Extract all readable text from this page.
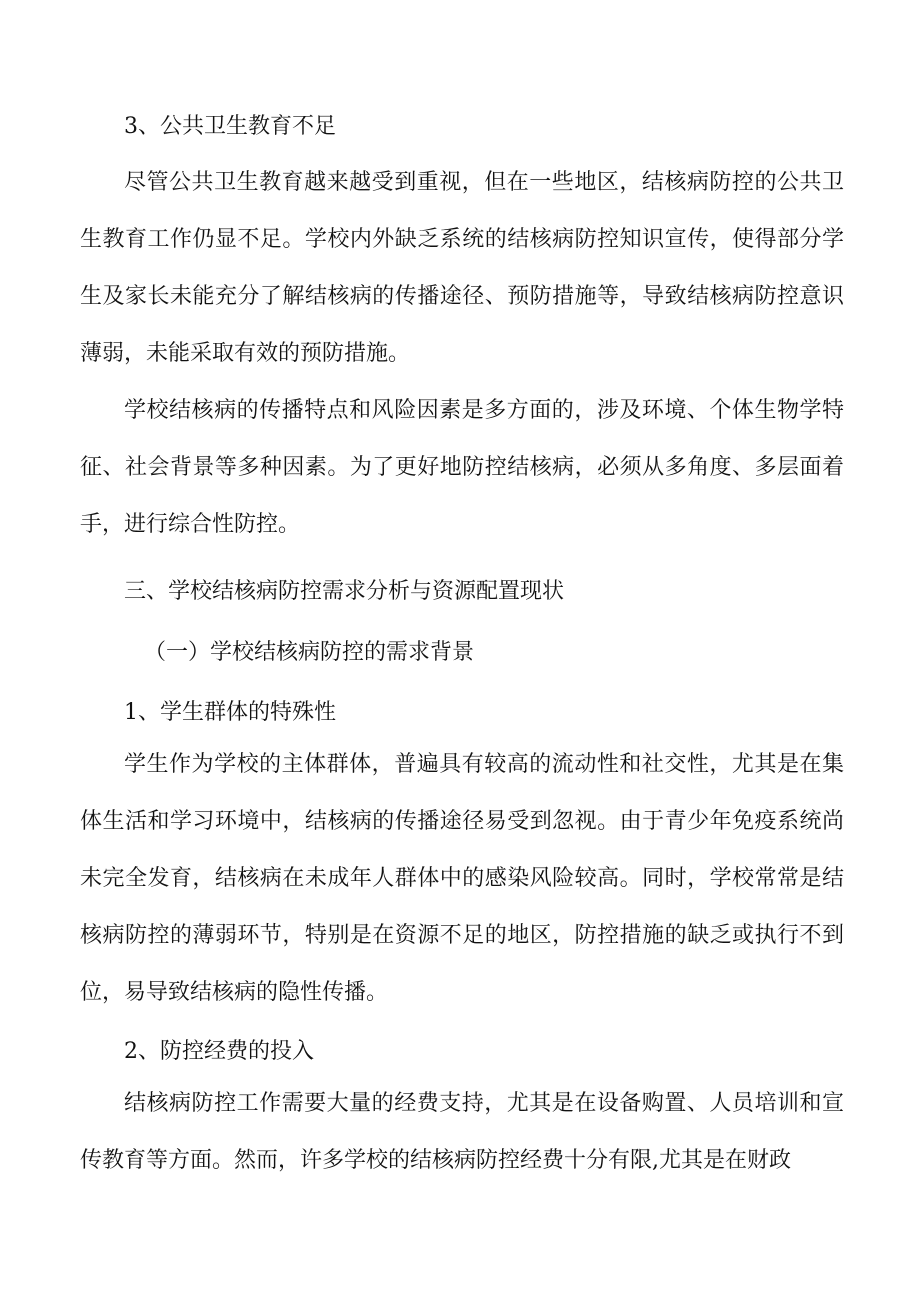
3、公共卫生教育不足

尽管公共卫生教育越来越受到重视，但在一些地区，结核病防控的公共卫生教育工作仍显不足。学校内外缺乏系统的结核病防控知识宣传，使得部分学生及家长未能充分了解结核病的传播途径、预防措施等，导致结核病防控意识薄弱，未能采取有效的预防措施。

学校结核病的传播特点和风险因素是多方面的，涉及环境、个体生物学特征、社会背景等多种因素。为了更好地防控结核病，必须从多角度、多层面着手，进行综合性防控。

三、学校结核病防控需求分析与资源配置现状
（一）学校结核病防控的需求背景
1、学生群体的特殊性

学生作为学校的主体群体，普遍具有较高的流动性和社交性，尤其是在集体生活和学习环境中，结核病的传播途径易受到忽视。由于青少年免疫系统尚未完全发育，结核病在未成年人群体中的感染风险较高。同时，学校常常是结核病防控的薄弱环节，特别是在资源不足的地区，防控措施的缺乏或执行不到位，易导致结核病的隐性传播。

2、防控经费的投入

结核病防控工作需要大量的经费支持，尤其是在设备购置、人员培训和宣传教育等方面。然而，许多学校的结核病防控经费十分有限,尤其是在财政
